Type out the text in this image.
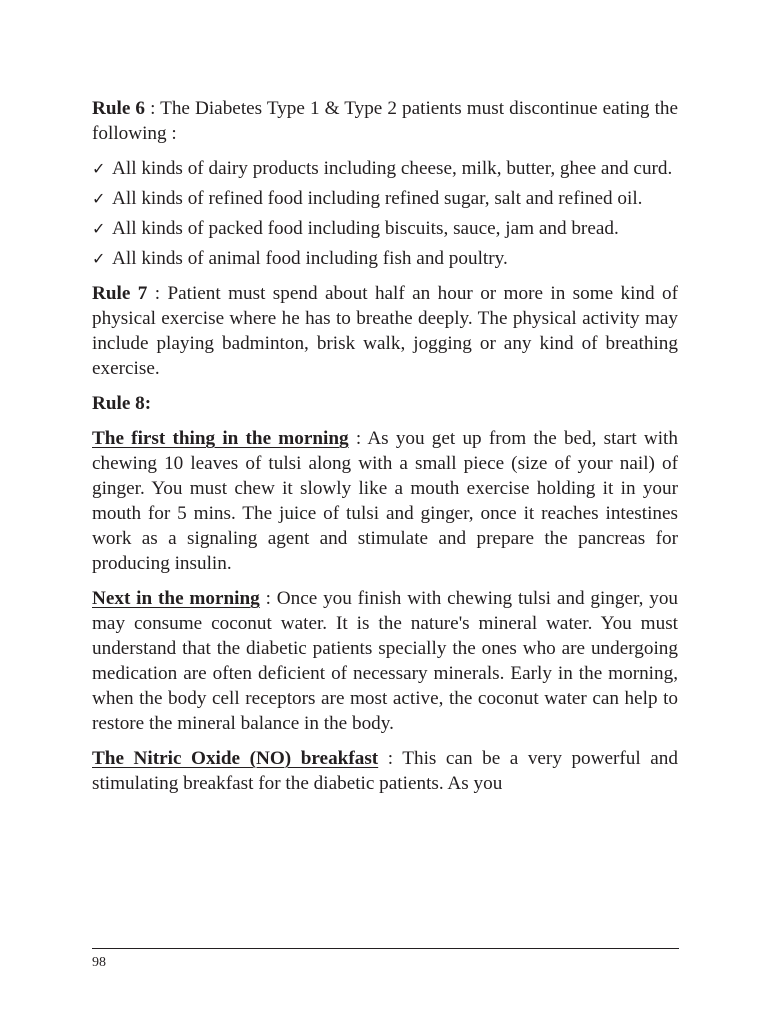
Rule 6 : The Diabetes Type 1 & Type 2 patients must discontinue eating the following :

✓ All kinds of dairy products including cheese, milk, butter, ghee and curd.
✓ All kinds of refined food including refined sugar, salt and refined oil.
✓ All kinds of packed food including biscuits, sauce, jam and bread.
✓ All kinds of animal food including fish and poultry.

Rule 7 : Patient must spend about half an hour or more in some kind of physical exercise where he has to breathe deeply. The physical activity may include playing badminton, brisk walk, jogging or any kind of breathing exercise.

Rule 8:

The first thing in the morning : As you get up from the bed, start with chewing 10 leaves of tulsi along with a small piece (size of your nail) of ginger. You must chew it slowly like a mouth exercise holding it in your mouth for 5 mins. The juice of tulsi and ginger, once it reaches intestines work as a signaling agent and stimulate and prepare the pancreas for producing insulin.

Next in the morning : Once you finish with chewing tulsi and ginger, you may consume coconut water. It is the nature's mineral water. You must understand that the diabetic patients specially the ones who are undergoing medication are often deficient of necessary minerals. Early in the morning, when the body cell receptors are most active, the coconut water can help to restore the mineral balance in the body.

The Nitric Oxide (NO) breakfast : This can be a very powerful and stimulating breakfast for the diabetic patients. As you

98
